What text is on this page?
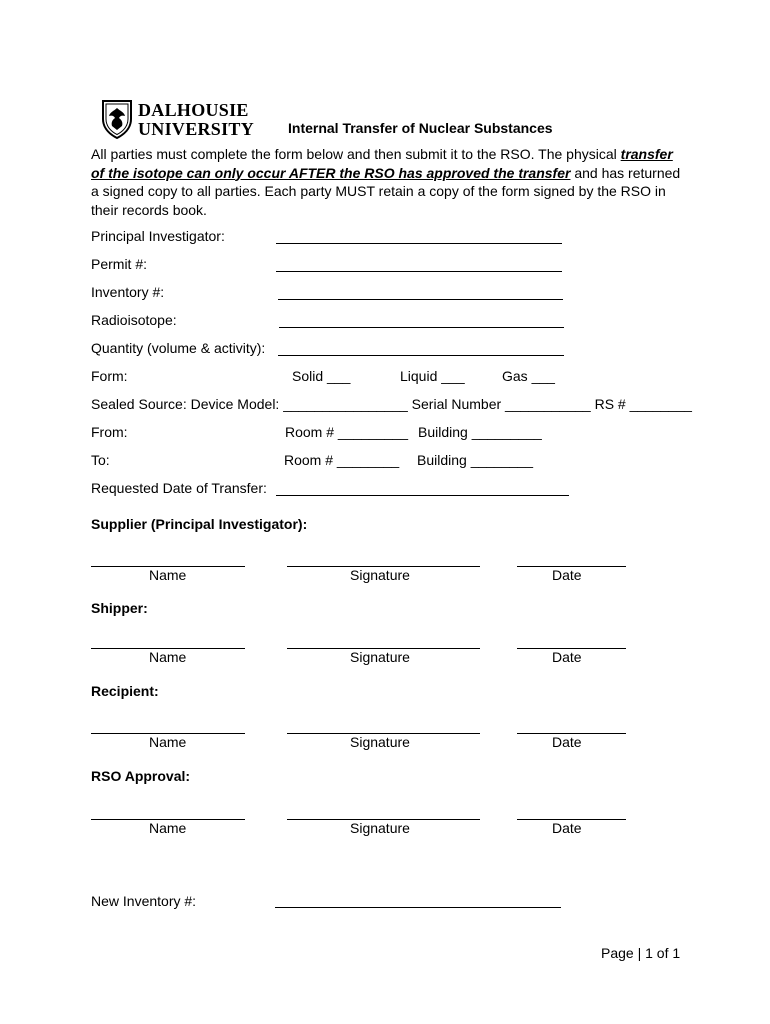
DALHOUSIE
UNIVERSITY Internal Transfer of Nuclear Substances
All parties must complete the form below and then submit it to the RSO. The physical transfer of the isotope can only occur AFTER the RSO has approved the transfer and has returned a signed copy to all parties. Each party MUST retain a copy of the form signed by the RSO in their records book.
Principal Investigator:
Permit #:
Inventory #:
Radioisotope:
Quantity (volume & activity):
Form:	Solid ___	Liquid ___	Gas ___
Sealed Source: Device Model: ________________ Serial Number ___________ RS # ________
From:	Room # _________ Building _________
To:	Room # ________ Building ________
Requested Date of Transfer:
Supplier (Principal Investigator):
Name	Signature	Date
Shipper:
Name	Signature	Date
Recipient:
Name	Signature	Date
RSO Approval:
Name	Signature	Date
New Inventory #:
Page | 1 of 1
